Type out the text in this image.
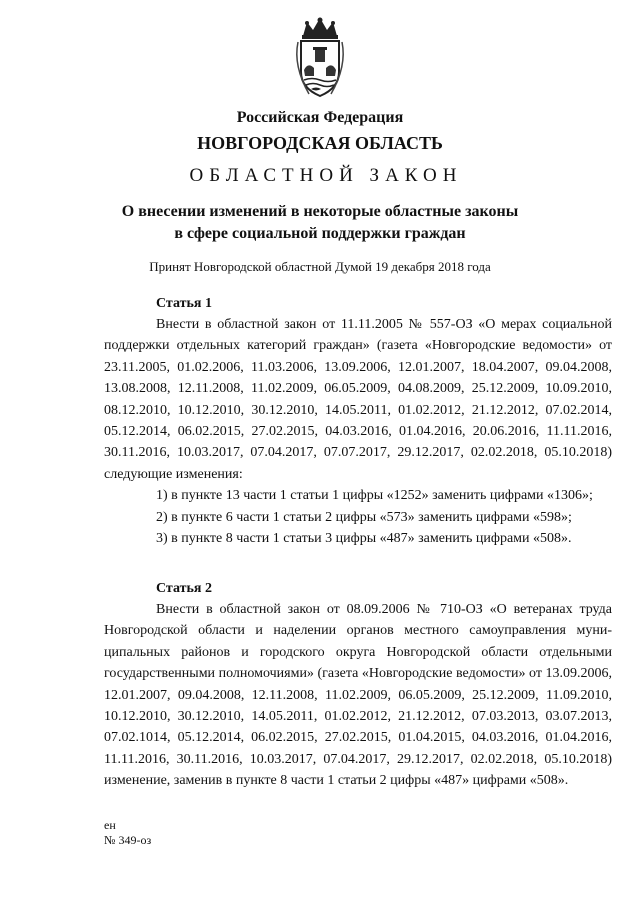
Российская Федерация
НОВГОРОДСКАЯ ОБЛАСТЬ
ОБЛАСТНОЙ ЗАКОН
О внесении изменений в некоторые областные законы
в сфере социальной поддержки граждан
Принят Новгородской областной Думой 19 декабря 2018 года
Статья 1

Внести в областной закон от 11.11.2005 № 557-ОЗ «О мерах социальной поддержки отдельных категорий граждан» (газета «Новгородские ведомости» от 23.11.2005, 01.02.2006, 11.03.2006, 13.09.2006, 12.01.2007, 18.04.2007, 09.04.2008, 13.08.2008, 12.11.2008, 11.02.2009, 06.05.2009, 04.08.2009, 25.12.2009, 10.09.2010, 08.12.2010, 10.12.2010, 30.12.2010, 14.05.2011, 01.02.2012, 21.12.2012, 07.02.2014, 05.12.2014, 06.02.2015, 27.02.2015, 04.03.2016, 01.04.2016, 20.06.2016, 11.11.2016, 30.11.2016, 10.03.2017, 07.04.2017, 07.07.2017, 29.12.2017, 02.02.2018, 05.10.2018) следующие изменения:

1) в пункте 13 части 1 статьи 1 цифры «1252» заменить цифрами «1306»;

2) в пункте 6 части 1 статьи 2 цифры «573» заменить цифрами «598»;

3) в пункте 8 части 1 статьи 3 цифры «487» заменить цифрами «508».

Статья 2

Внести в областной закон от 08.09.2006 № 710-ОЗ «О ветеранах труда Новгородской области и наделении органов местного самоуправления муниципальных районов и городского округа Новгородской области отдельными государственными полномочиями» (газета «Новгородские ведомости» от 13.09.2006, 12.01.2007, 09.04.2008, 12.11.2008, 11.02.2009, 06.05.2009, 25.12.2009, 11.09.2010, 10.12.2010, 30.12.2010, 14.05.2011, 01.02.2012, 21.12.2012, 07.03.2013, 03.07.2013, 07.02.1014, 05.12.2014, 06.02.2015, 27.02.2015, 01.04.2015, 04.03.2016, 01.04.2016, 11.11.2016, 30.11.2016, 10.03.2017, 07.04.2017, 29.12.2017, 02.02.2018, 05.10.2018) изменение, заменив в пункте 8 части 1 статьи 2 цифры «487» цифрами «508».

ен
№ 349-оз
